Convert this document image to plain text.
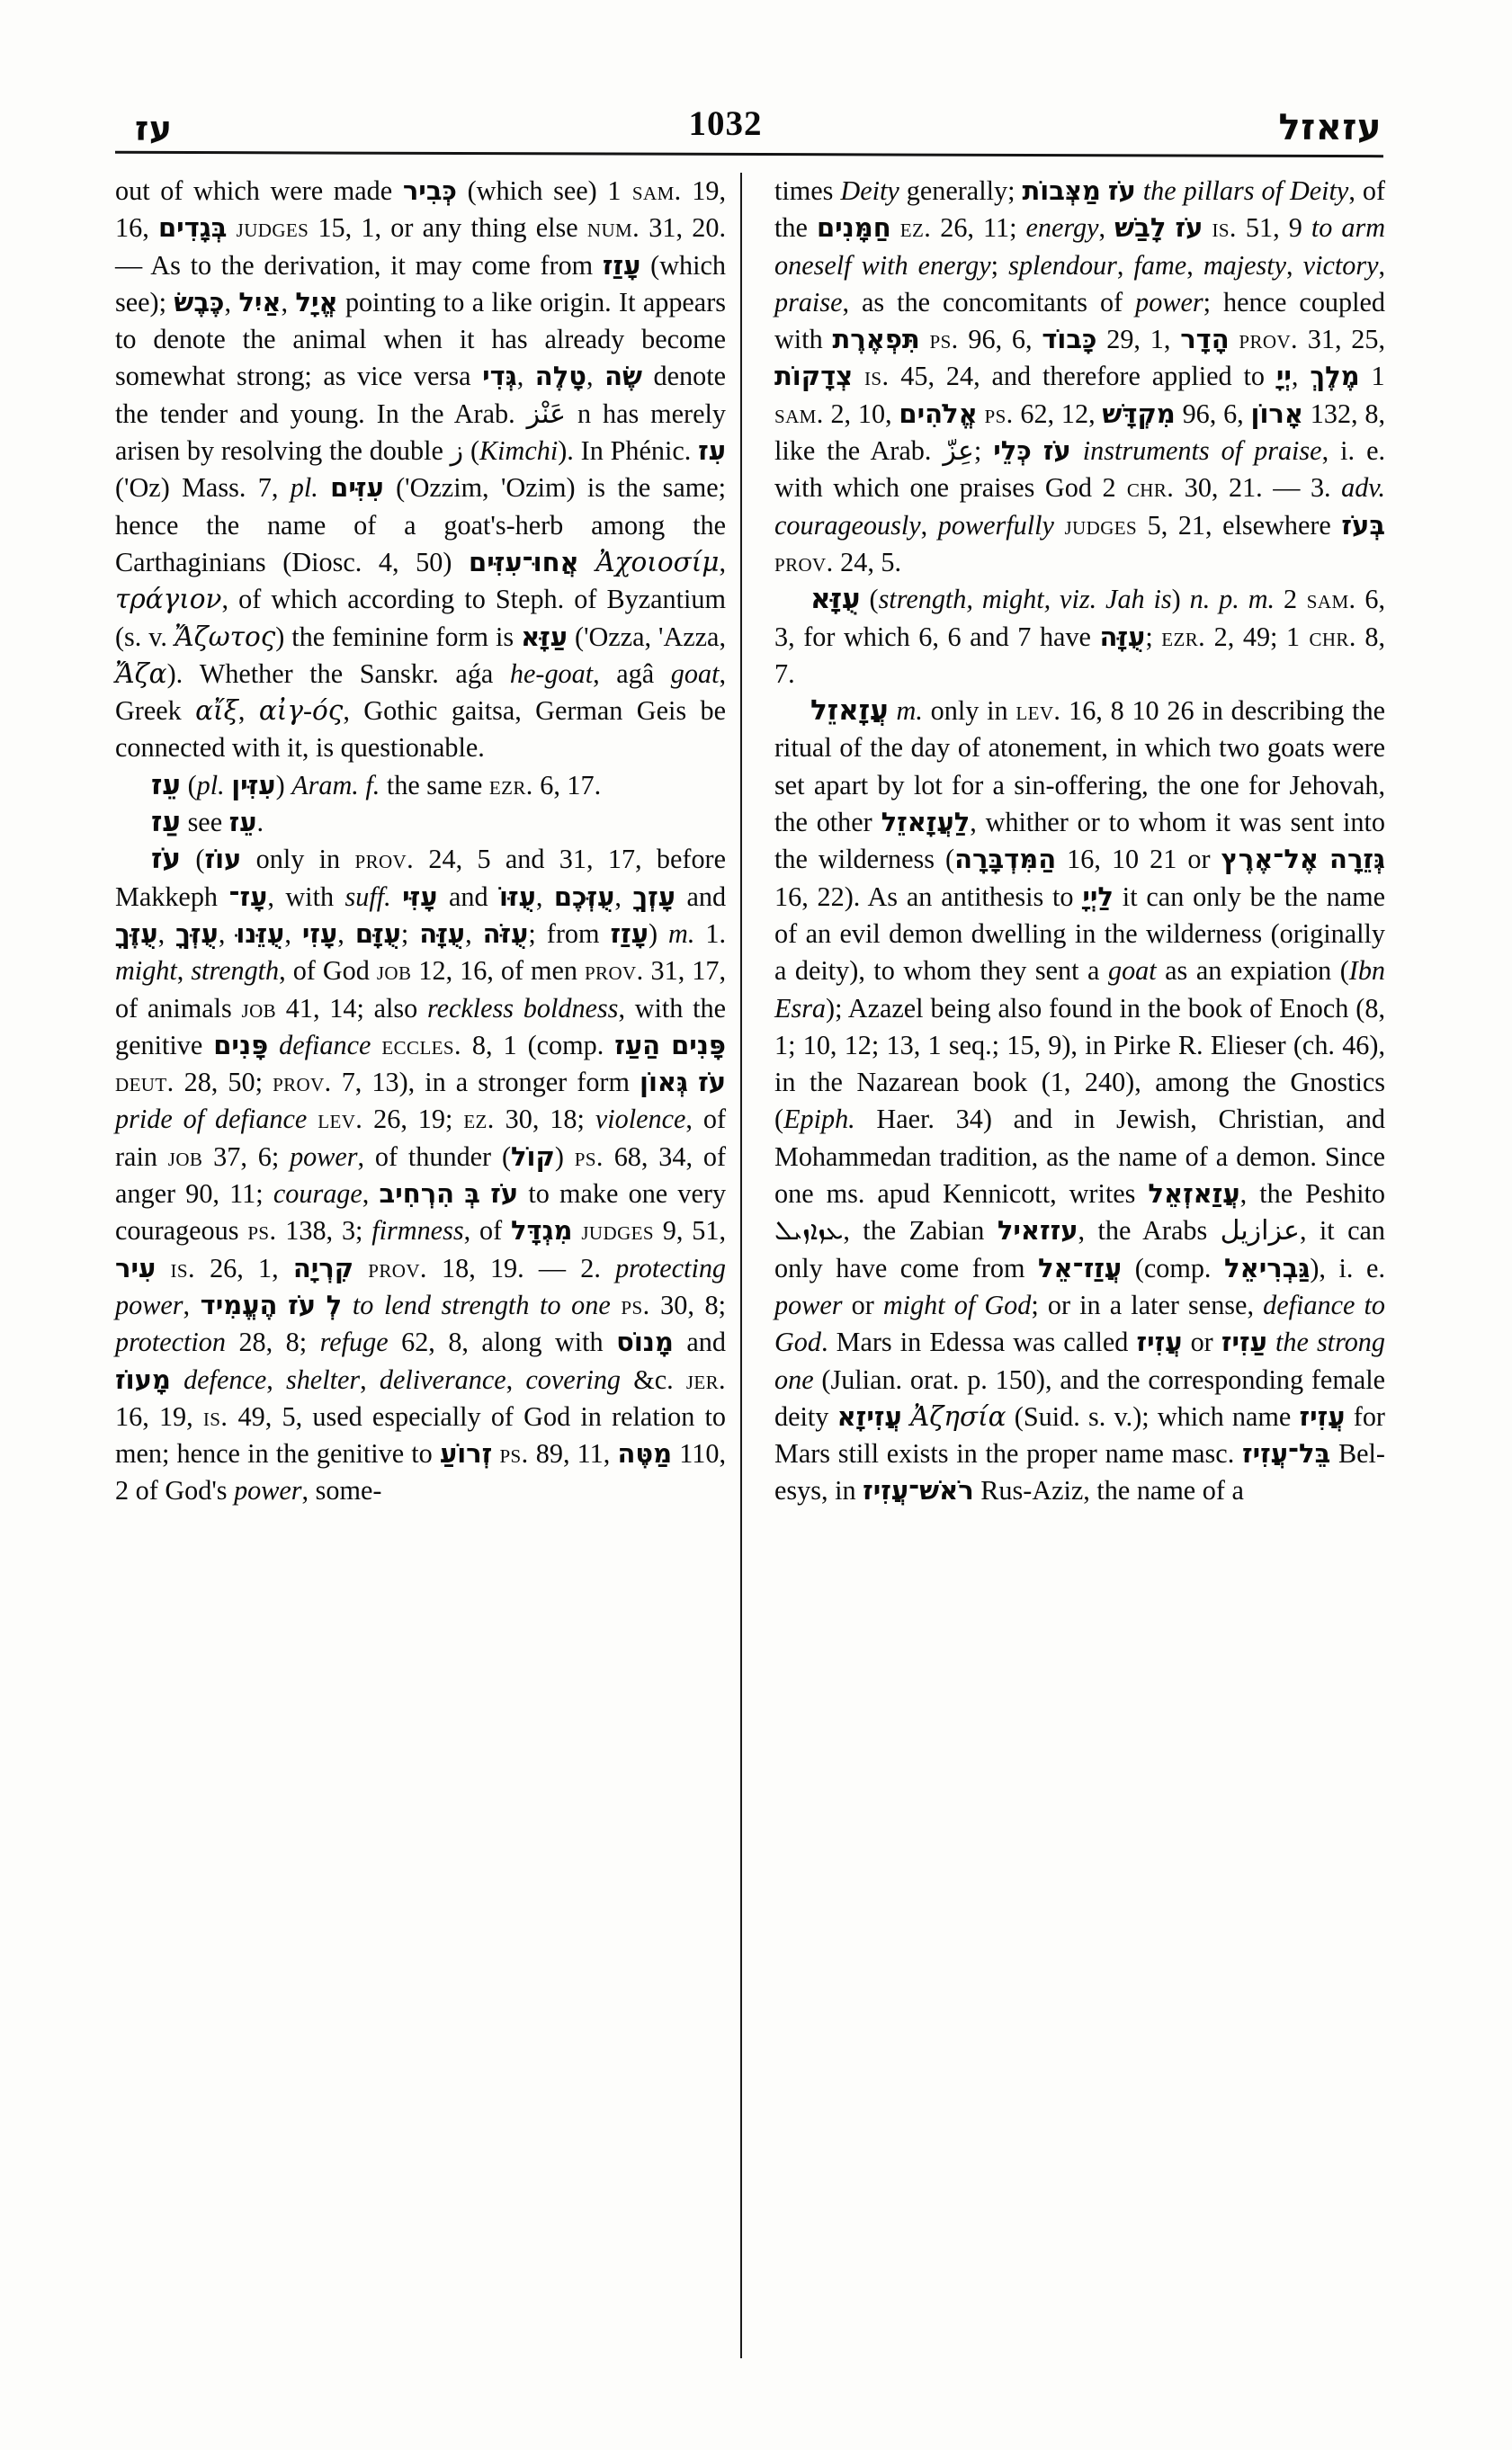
עז	1032	עזאזל

out of which were made כְּבִיר (which see) 1 sam. 19, 16, בְּגָדִים judges 15, 1, or any thing else num. 31, 20. — As to the derivation, it may come from עָזַז (which see); כֶּבֶשׂ, אַיִל, אֱיָל pointing to a like origin. It appears to denote the animal when it has already become somewhat strong; as vice versa גְּדִי, טָלֶה, שֶׂה denote the tender and young. In the Arab. عَنْز n has merely arisen by resolving the double ز (Kimchi). In Phénic. עִז ('Oz) Mass. 7, pl. עִזִּים ('Ozzim, 'Ozim) is the same; hence the name of a goat's-herb among the Carthaginians (Diosc. 4, 50) אֲחוּ־עִזִּים Ἀχοιοσίμ, τράγιον, of which according to Steph. of Byzantium (s. v. Ἄζωτος) the feminine form is עַזָּא ('Ozza, 'Azza, Ἄζα). Whether the Sanskr. aǵa he-goat, agâ goat, Greek αἴξ, αἰγ-ός, Gothic gaitsa, German Geis be connected with it, is questionable.

עֵז (pl. עִזִּין) Aram. f. the same ezr. 6, 17.

עַז see עֵז.

עֹז (עוֹז only in prov. 24, 5 and 31, 17, before Makkeph עָז־, with suff. עָזִּי and עֻזּוֹ, עֻזְּכֶם, עָזְךָ and עֻזֶּךָ, עֻזְּךָ, עֻזֵּנוּ, עָזִי, עֻזָּם; עֻזָּה, עֻזֹּה; from עָזַז) m. 1. might, strength, of God job 12, 16, of men prov. 31, 17, of animals job 41, 14; also reckless boldness, with the genitive פָּנִים defiance eccles. 8, 1 (comp. הַעַז פָּנִים deut. 28, 50; prov. 7, 13), in a stronger form גְּאוֹן עֹז pride of defiance lev. 26, 19; ez. 30, 18; violence, of rain job 37, 6; power, of thunder (קוֹל) ps. 68, 34, of anger 90, 11; courage, הִרְחִיב בְּ עֹז to make one very courageous ps. 138, 3; firmness, of מִגְדָּל judges 9, 51, עִיר is. 26, 1, קִרְיָה prov. 18, 19. — 2. protecting power, הֶעֱמִיד עֹז לְ to lend strength to one ps. 30, 8; protection 28, 8; refuge 62, 8, along with מָנוֹס and מָעוֹז defence, shelter, deliverance, covering &c. jer. 16, 19, is. 49, 5, used especially of God in relation to men; hence in the genitive to זְרוֹעַ ps. 89, 11, מַטֶּה 110, 2 of God's power, some-

times Deity generally; מַצְּבוֹת עֹז the pillars of Deity, of the חַמָּנִים ez. 26, 11; energy, לָבַשׁ עֹז is. 51, 9 to arm oneself with energy; splendour, fame, majesty, victory, praise, as the concomitants of power; hence coupled with תִּפְאֶרֶת ps. 96, 6, כָּבוֹד 29, 1, הָדָר prov. 31, 25, צְדָקוֹת is. 45, 24, and therefore applied to יְיָ, מֶלֶךְ 1 sam. 2, 10, אֱלֹהִים ps. 62, 12, מִקְדָּשׁ 96, 6, אָרוֹן 132, 8, like the Arab. عِزّ; כְּלֵי עֹז instruments of praise, i. e. with which one praises God 2 chr. 30, 21. — 3. adv. courageously, powerfully judges 5, 21, elsewhere בְּעֹז prov. 24, 5.

עֻזָּא (strength, might, viz. Jah is) n. p. m. 2 sam. 6, 3, for which 6, 6 and 7 have עֻזָּה; ezr. 2, 49; 1 chr. 8, 7.

עֲזָאזֵל m. only in lev. 16, 8 10 26 in describing the ritual of the day of atonement, in which two goats were set apart by lot for a sin-offering, the one for Jehovah, the other לַעֲזָאזֵל, whither or to whom it was sent into the wilderness (הַמִּדְבָּרָה 16, 10 21 or אֶל־אֶרֶץ גְּזֵרָה 16, 22). As an antithesis to לַיְיָ it can only be the name of an evil demon dwelling in the wilderness (originally a deity), to whom they sent a goat as an expiation (Ibn Esra); Azazel being also found in the book of Enoch (8, 1; 10, 12; 13, 1 seq.; 15, 9), in Pirke R. Elieser (ch. 46), in the Nazarean book (1, 240), among the Gnostics (Epiph. Haer. 34) and in Jewish, Christian, and Mohammedan tradition, as the name of a demon. Since one ms. apud Kennicott, writes עֲזַאזְאֵל, the Peshito ܥܙܐܙܝܠ, the Zabian עזזאיל, the Arabs عزازيل, it can only have come from עֲזַז־אֵל (comp. גַּבְרִיאֵל), i. e. power or might of God; or in a later sense, defiance to God. Mars in Edessa was called עֲזִיז or עַזִיז the strong one (Julian. orat. p. 150), and the corresponding female deity עֲזִיזָא Ἀζησία (Suid. s. v.); which name עֲזִיז for Mars still exists in the proper name masc. בֵּל־עֲזִיז Bel-esys, in רֹאשׁ־עֲזִיז Rus-Aziz, the name of a
